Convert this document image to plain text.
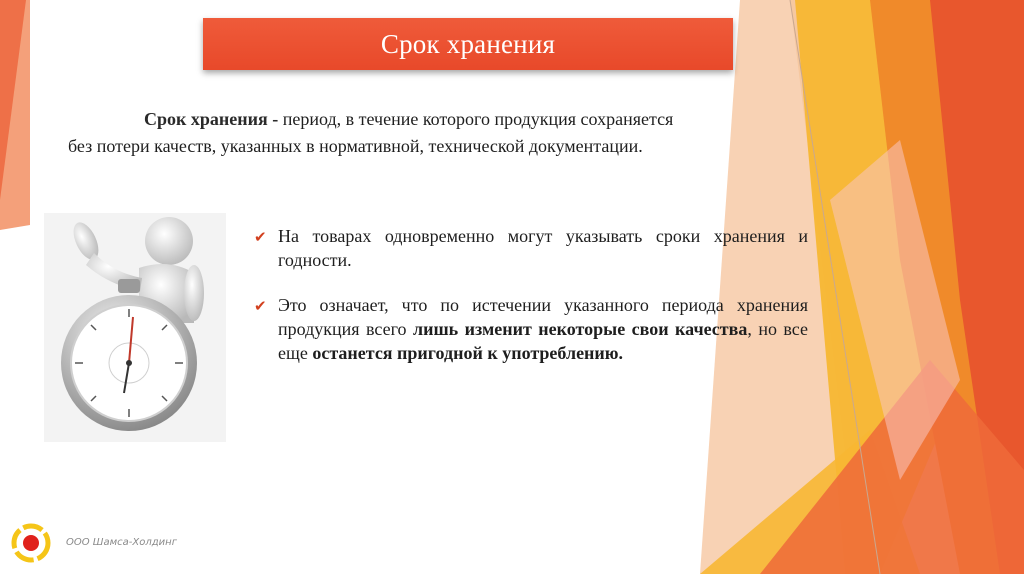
Срок хранения
Срок хранения - период, в течение которого продукция сохраняется
без потери качеств, указанных в нормативной, технической документации.
✔ На товарах одновременно могут указывать сроки хранения и годности.
✔ Это означает, что по истечении указанного периода хранения продукция всего лишь изменит некоторые свои качества, но все еще останется пригодной к употреблению.
ООО Шамса-Холдинг
